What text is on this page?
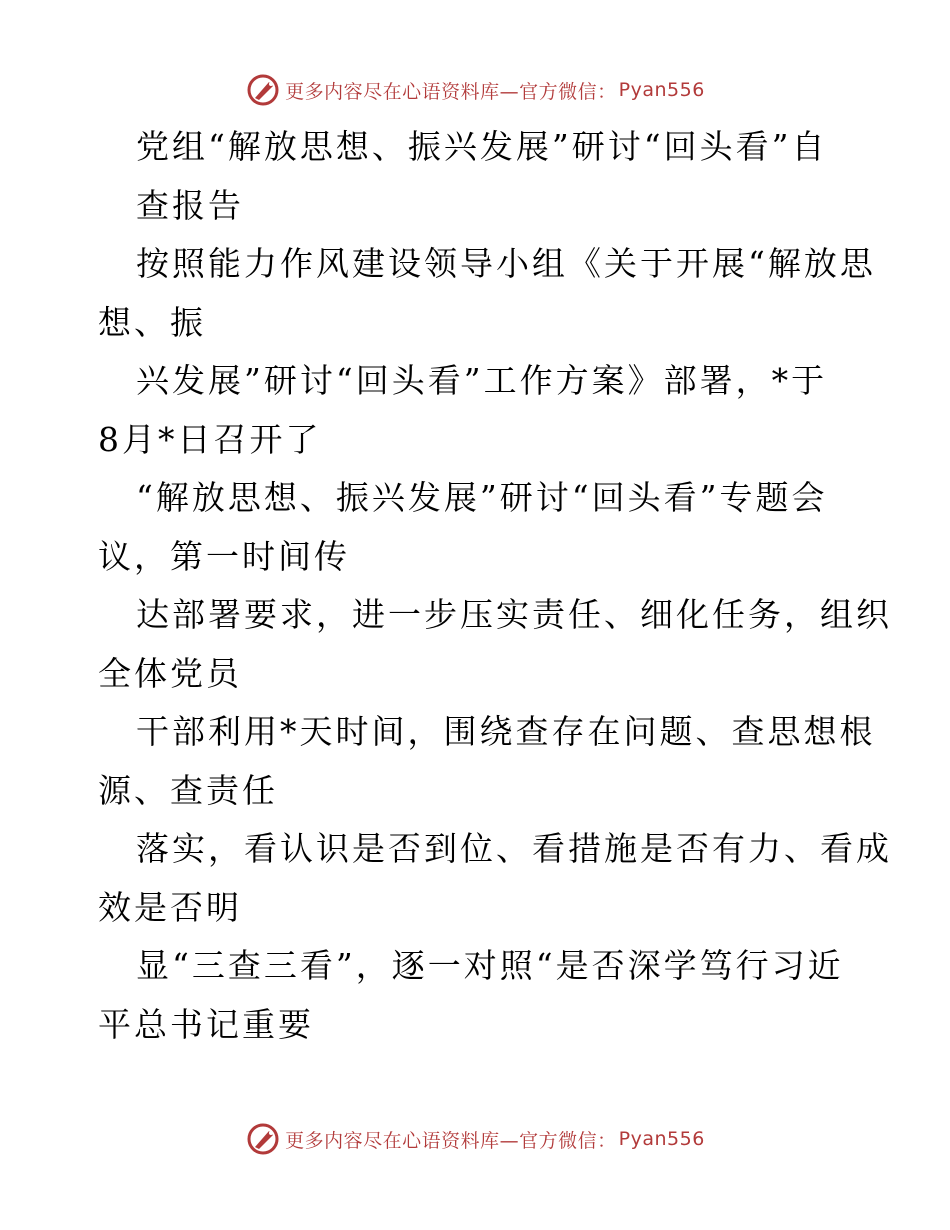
更多内容尽在心语资料库—官方微信： Pyan556

党组“解放思想、振兴发展”研讨“回头看”自

查报告

按照能力作风建设领导小组《关于开展“解放思

想、振

兴发展”研讨“回头看”工作方案》部署，*于

8月*日召开了

“解放思想、振兴发展”研讨“回头看”专题会

议，第一时间传

达部署要求，进一步压实责任、细化任务，组织

全体党员

干部利用*天时间，围绕查存在问题、查思想根

源、查责任

落实，看认识是否到位、看措施是否有力、看成

效是否明

显“三查三看”，逐一对照“是否深学笃行习近

平总书记重要

更多内容尽在心语资料库—官方微信： Pyan556
